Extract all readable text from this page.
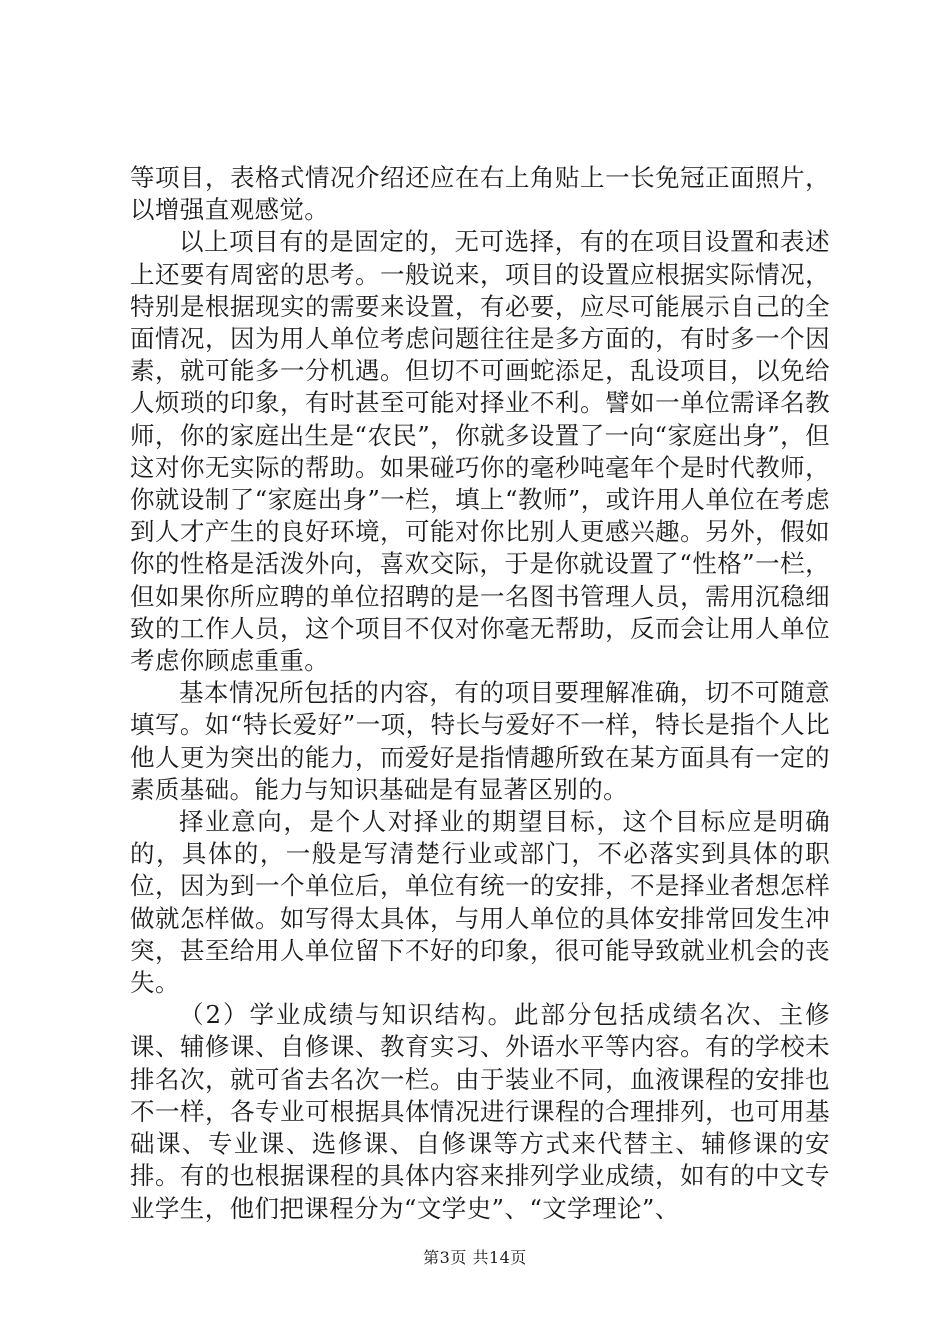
等项目，表格式情况介绍还应在右上角贴上一长免冠正面照片，以增强直观感觉。

以上项目有的是固定的，无可选择，有的在项目设置和表述上还要有周密的思考。一般说来，项目的设置应根据实际情况，特别是根据现实的需要来设置，有必要，应尽可能展示自己的全面情况，因为用人单位考虑问题往往是多方面的，有时多一个因素，就可能多一分机遇。但切不可画蛇添足，乱设项目，以免给人烦琐的印象，有时甚至可能对择业不利。譬如一单位需译名教师，你的家庭出生是“农民”，你就多设置了一向“家庭出身”，但这对你无实际的帮助。如果碰巧你的毫秒吨毫年个是时代教师，你就设制了“家庭出身”一栏，填上“教师”，或许用人单位在考虑到人才产生的良好环境，可能对你比别人更感兴趣。另外，假如你的性格是活泼外向，喜欢交际，于是你就设置了“性格”一栏，但如果你所应聘的单位招聘的是一名图书管理人员，需用沉稳细致的工作人员，这个项目不仅对你毫无帮助，反而会让用人单位考虑你顾虑重重。

基本情况所包括的内容，有的项目要理解准确，切不可随意填写。如“特长爱好”一项，特长与爱好不一样，特长是指个人比他人更为突出的能力，而爱好是指情趣所致在某方面具有一定的素质基础。能力与知识基础是有显著区别的。

择业意向，是个人对择业的期望目标，这个目标应是明确的，具体的，一般是写清楚行业或部门，不必落实到具体的职位，因为到一个单位后，单位有统一的安排，不是择业者想怎样做就怎样做。如写得太具体，与用人单位的具体安排常回发生冲突，甚至给用人单位留下不好的印象，很可能导致就业机会的丧失。

（2）学业成绩与知识结构。此部分包括成绩名次、主修课、辅修课、自修课、教育实习、外语水平等内容。有的学校未排名次，就可省去名次一栏。由于装业不同，血液课程的安排也不一样，各专业可根据具体情况进行课程的合理排列，也可用基础课、专业课、选修课、自修课等方式来代替主、辅修课的安排。有的也根据课程的具体内容来排列学业成绩，如有的中文专业学生，他们把课程分为“文学史”、“文学理论”、

第3页 共14页
